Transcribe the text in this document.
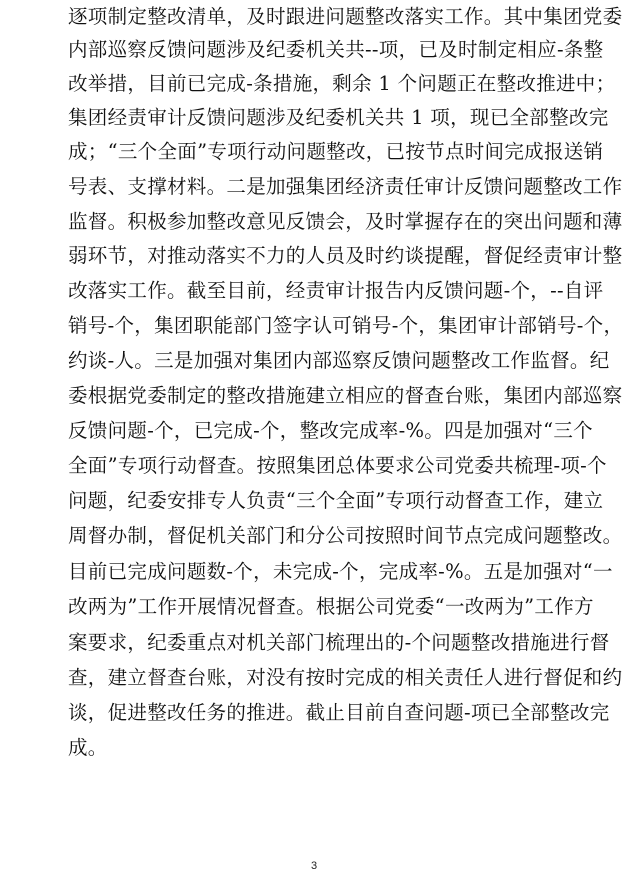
逐项制定整改清单，及时跟进问题整改落实工作。其中集团党委
内部巡察反馈问题涉及纪委机关共--项，已及时制定相应-条整
改举措，目前已完成-条措施，剩余 1 个问题正在整改推进中；
集团经责审计反馈问题涉及纪委机关共 1 项，现已全部整改完
成；“三个全面”专项行动问题整改，已按节点时间完成报送销
号表、支撑材料。二是加强集团经济责任审计反馈问题整改工作
监督。积极参加整改意见反馈会，及时掌握存在的突出问题和薄
弱环节，对推动落实不力的人员及时约谈提醒，督促经责审计整
改落实工作。截至目前，经责审计报告内反馈问题-个，--自评
销号-个，集团职能部门签字认可销号-个，集团审计部销号-个，
约谈-人。三是加强对集团内部巡察反馈问题整改工作监督。纪
委根据党委制定的整改措施建立相应的督查台账，集团内部巡察
反馈问题-个，已完成-个，整改完成率-%。四是加强对“三个
全面”专项行动督查。按照集团总体要求公司党委共梳理-项-个
问题，纪委安排专人负责“三个全面”专项行动督查工作，建立
周督办制，督促机关部门和分公司按照时间节点完成问题整改。
目前已完成问题数-个，未完成-个，完成率-%。五是加强对“一
改两为”工作开展情况督查。根据公司党委“一改两为”工作方
案要求，纪委重点对机关部门梳理出的-个问题整改措施进行督
查，建立督查台账，对没有按时完成的相关责任人进行督促和约
谈，促进整改任务的推进。截止目前自查问题-项已全部整改完
成。
3
